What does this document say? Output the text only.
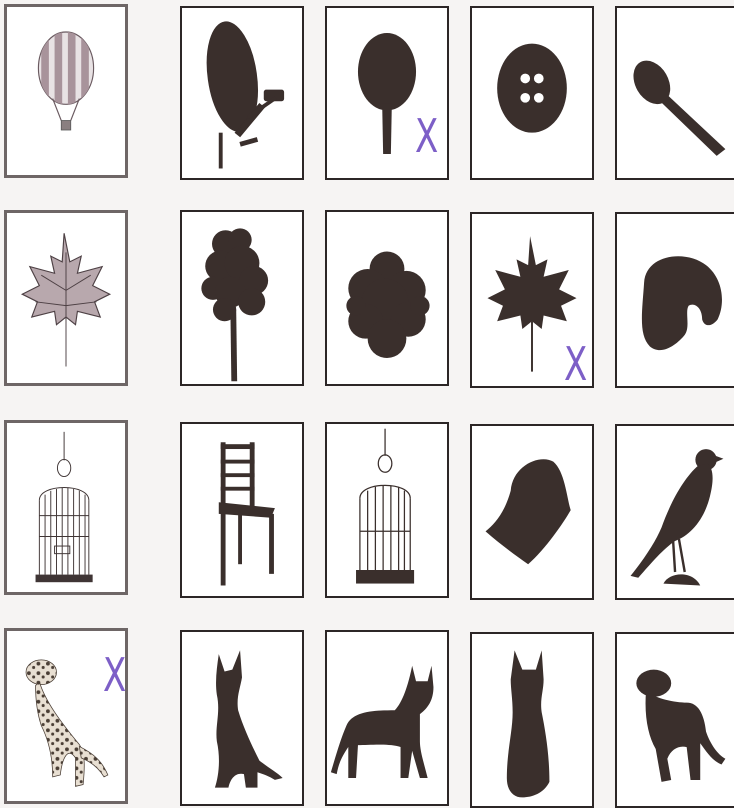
X
X
X
